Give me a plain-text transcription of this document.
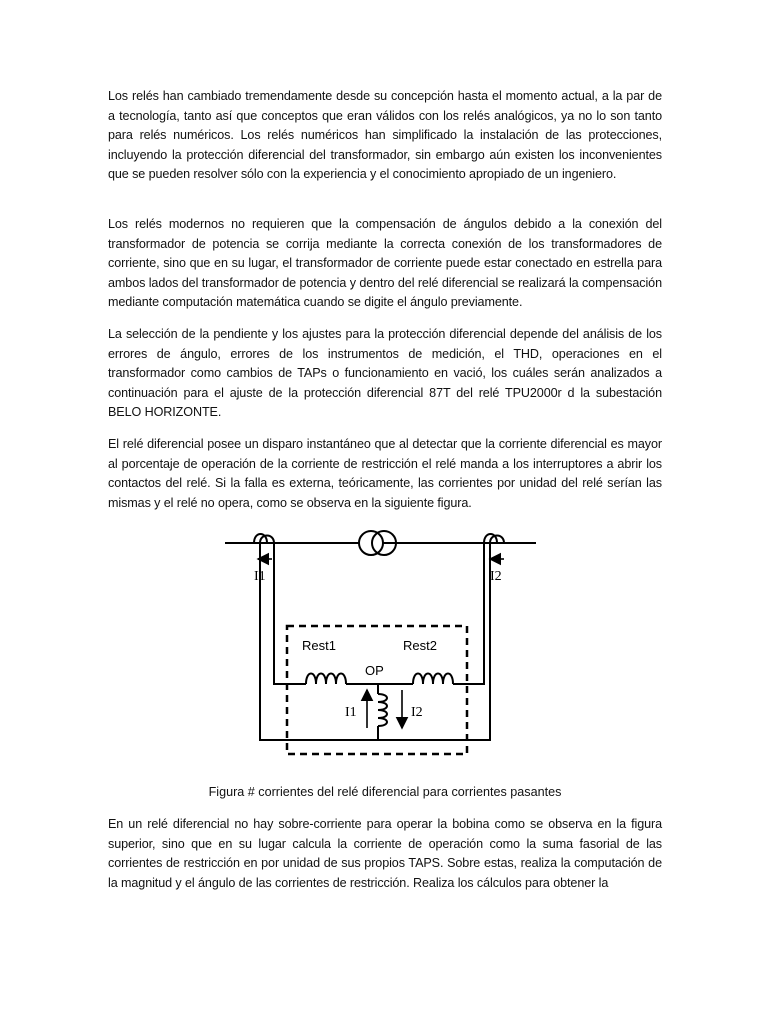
Los relés han cambiado tremendamente desde su concepción hasta el momento actual, a la par de a tecnología, tanto así que conceptos que eran válidos con los relés analógicos, ya no lo son tanto para relés numéricos. Los relés numéricos han simplificado la instalación de las protecciones, incluyendo la protección diferencial del transformador, sin embargo aún existen los inconvenientes que se pueden resolver sólo con la experiencia y el conocimiento apropiado de un ingeniero.

Los relés modernos no requieren que la compensación de ángulos debido a la conexión del transformador de potencia se corrija mediante la correcta conexión de los transformadores de corriente, sino que en su lugar, el transformador de corriente puede estar conectado en estrella para ambos lados del transformador de potencia y dentro del relé diferencial se realizará la compensación mediante computación matemática cuando se digite el ángulo previamente.

La selección de la pendiente y los ajustes para la protección diferencial depende del análisis de los errores de ángulo, errores de los instrumentos de medición, el THD, operaciones en el transformador como cambios de TAPs o funcionamiento en vació, los cuáles serán analizados a continuación para el ajuste de la protección diferencial 87T del relé TPU2000r d la subestación BELO HORIZONTE.

El relé diferencial posee un disparo instantáneo que al detectar que la corriente diferencial es mayor al porcentaje de operación de la corriente de restricción el relé manda a los interruptores a abrir los contactos del relé. Si la falla es externa, teóricamente, las corrientes por unidad del relé serían las mismas y el relé no opera, como se observa en la siguiente figura.

I1	I2
Rest1	Rest2
OP
I1	I2
Figura # corrientes del relé diferencial para corrientes pasantes

En un relé diferencial no hay sobre-corriente para operar la bobina como se observa en la figura superior, sino que en su lugar calcula la corriente de operación como la suma fasorial de las corrientes de restricción en por unidad de sus propios TAPS. Sobre estas, realiza la computación de la magnitud y el ángulo de las corrientes de restricción. Realiza los cálculos para obtener la
